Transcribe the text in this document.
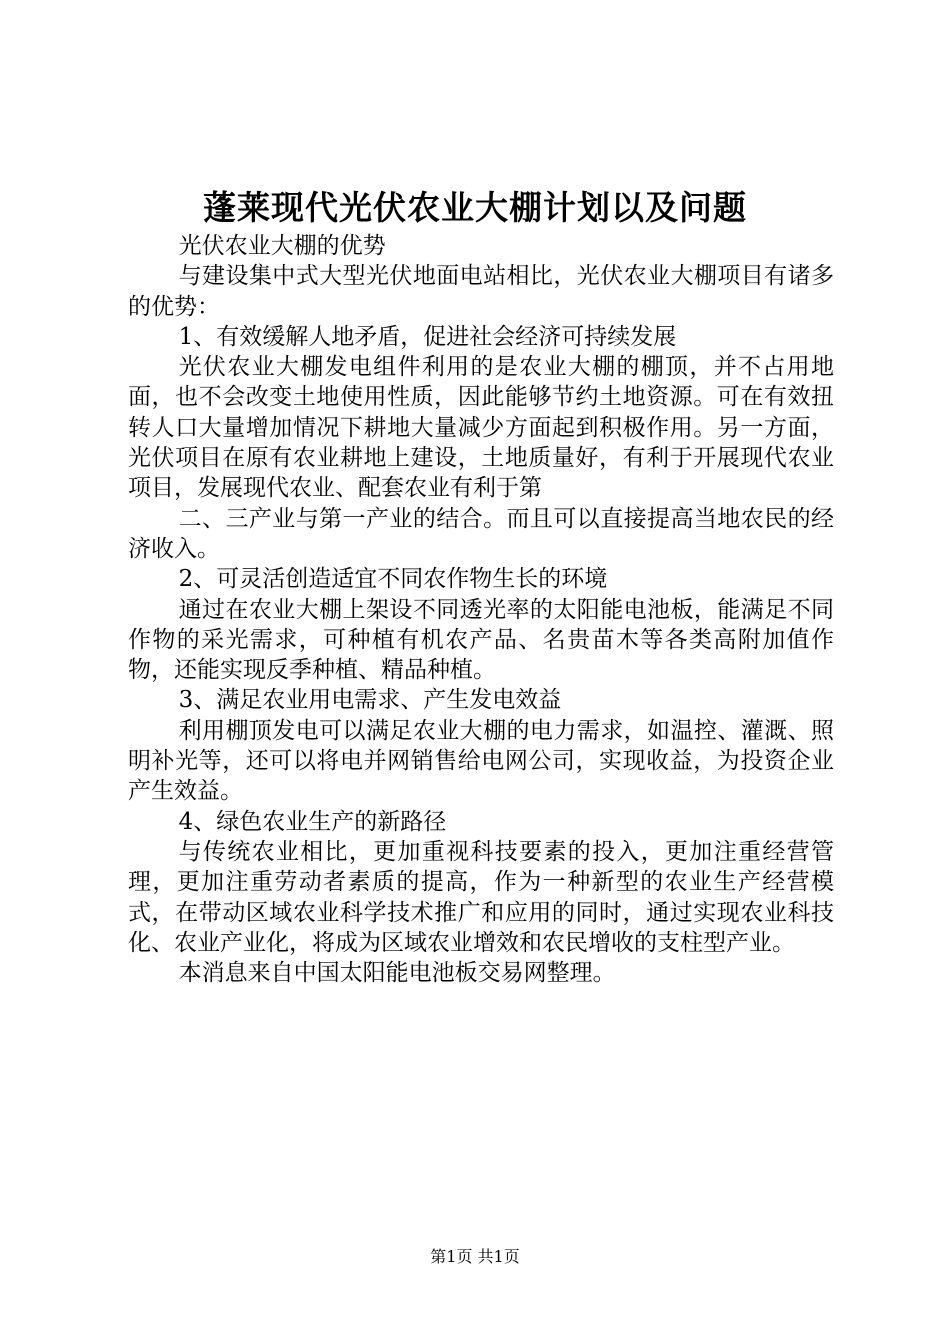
蓬莱现代光伏农业大棚计划以及问题

光伏农业大棚的优势

与建设集中式大型光伏地面电站相比，光伏农业大棚项目有诸多的优势：

1、有效缓解人地矛盾，促进社会经济可持续发展

光伏农业大棚发电组件利用的是农业大棚的棚顶，并不占用地面，也不会改变土地使用性质，因此能够节约土地资源。可在有效扭转人口大量增加情况下耕地大量减少方面起到积极作用。另一方面，光伏项目在原有农业耕地上建设，土地质量好，有利于开展现代农业项目，发展现代农业、配套农业有利于第

二、三产业与第一产业的结合。而且可以直接提高当地农民的经济收入。

2、可灵活创造适宜不同农作物生长的环境

通过在农业大棚上架设不同透光率的太阳能电池板，能满足不同作物的采光需求，可种植有机农产品、名贵苗木等各类高附加值作物，还能实现反季种植、精品种植。

3、满足农业用电需求、产生发电效益

利用棚顶发电可以满足农业大棚的电力需求，如温控、灌溉、照明补光等，还可以将电并网销售给电网公司，实现收益，为投资企业产生效益。

4、绿色农业生产的新路径

与传统农业相比，更加重视科技要素的投入，更加注重经营管理，更加注重劳动者素质的提高，作为一种新型的农业生产经营模式，在带动区域农业科学技术推广和应用的同时，通过实现农业科技化、农业产业化，将成为区域农业增效和农民增收的支柱型产业。

本消息来自中国太阳能电池板交易网整理。

第1页 共1页
